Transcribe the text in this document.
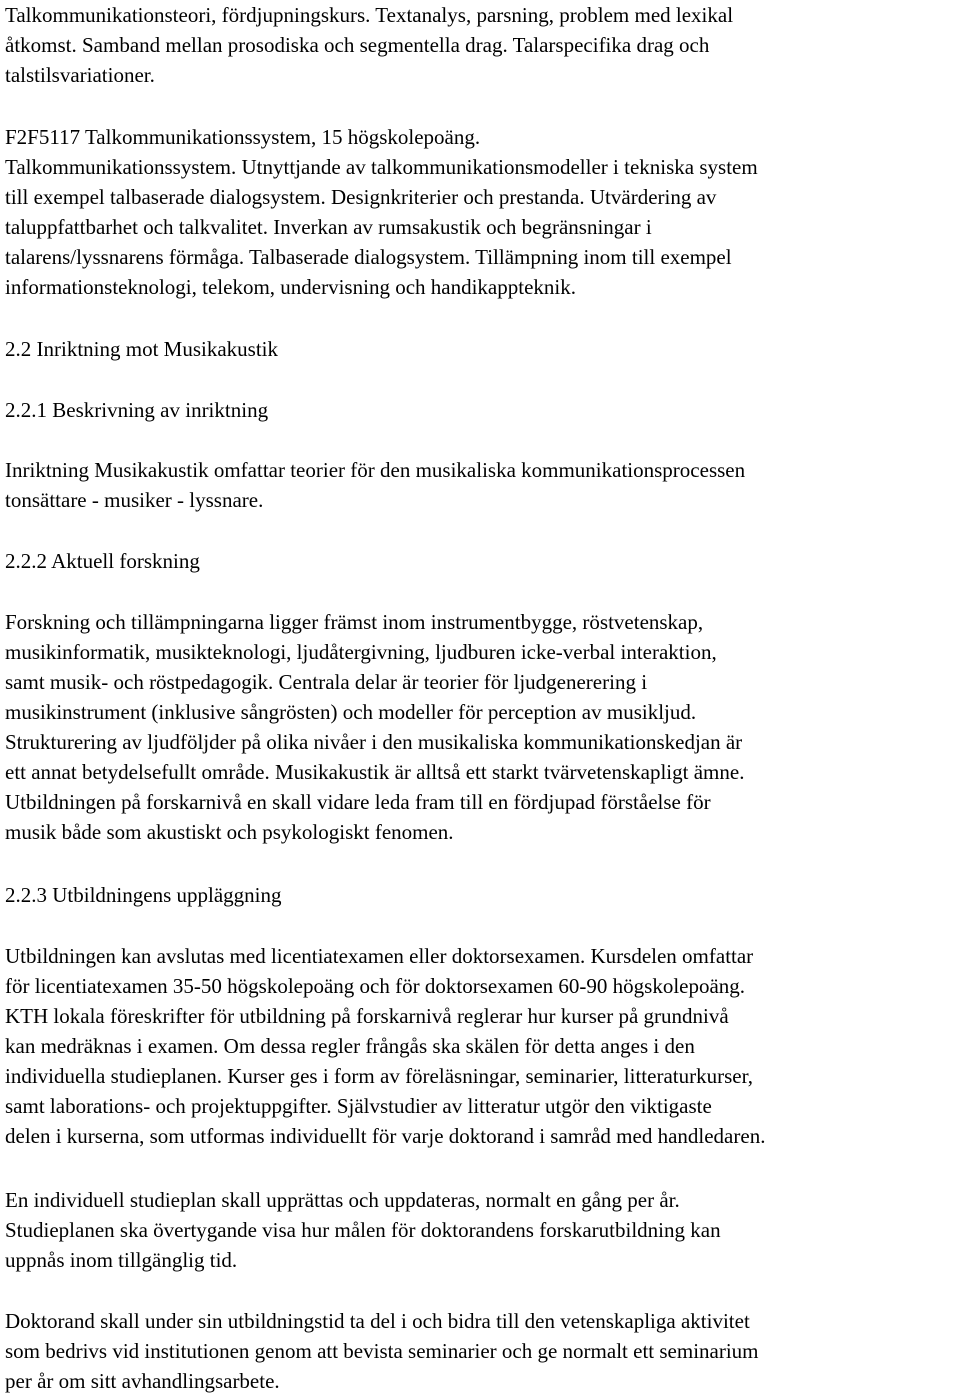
Talkommunikationsteori, fördjupningskurs. Textanalys, parsning, problem med lexikal
åtkomst. Samband mellan prosodiska och segmentella drag. Talarspecifika drag och
talstilsvariationer.
F2F5117 Talkommunikationssystem, 15 högskolepoäng.
Talkommunikationssystem. Utnyttjande av talkommunikationsmodeller i tekniska system
till exempel talbaserade dialogsystem. Designkriterier och prestanda. Utvärdering av
taluppfattbarhet och talkvalitet. Inverkan av rumsakustik och begränsningar i
talarens/lyssnarens förmåga. Talbaserade dialogsystem. Tillämpning inom till exempel
informationsteknologi, telekom, undervisning och handikappteknik.
2.2 Inriktning mot Musikakustik
2.2.1 Beskrivning av inriktning
Inriktning Musikakustik omfattar teorier för den musikaliska kommunikationsprocessen
tonsättare - musiker - lyssnare.
2.2.2 Aktuell forskning
Forskning och tillämpningarna ligger främst inom instrumentbygge, röstvetenskap,
musikinformatik, musikteknologi, ljudåtergivning, ljudburen icke-verbal interaktion,
samt musik- och röstpedagogik. Centrala delar är teorier för ljudgenerering i
musikinstrument (inklusive sångrösten) och modeller för perception av musikljud.
Strukturering av ljudföljder på olika nivåer i den musikaliska kommunikationskedjan är
ett annat betydelsefullt område. Musikakustik är alltså ett starkt tvärvetenskapligt ämne.
Utbildningen på forskarnivå en skall vidare leda fram till en fördjupad förståelse för
musik både som akustiskt och psykologiskt fenomen.
2.2.3 Utbildningens uppläggning
Utbildningen kan avslutas med licentiatexamen eller doktorsexamen. Kursdelen omfattar
för licentiatexamen 35-50 högskolepoäng och för doktorsexamen 60-90 högskolepoäng.
KTH lokala föreskrifter för utbildning på forskarnivå reglerar hur kurser på grundnivå
kan medräknas i examen. Om dessa regler frångås ska skälen för detta anges i den
individuella studieplanen. Kurser ges i form av föreläsningar, seminarier, litteraturkurser,
samt laborations- och projektuppgifter. Självstudier av litteratur utgör den viktigaste
delen i kurserna, som utformas individuellt för varje doktorand i samråd med handledaren.
En individuell studieplan skall upprättas och uppdateras, normalt en gång per år.
Studieplanen ska övertygande visa hur målen för doktorandens forskarutbildning kan
uppnås inom tillgänglig tid.
Doktorand skall under sin utbildningstid ta del i och bidra till den vetenskapliga aktivitet
som bedrivs vid institutionen genom att bevista seminarier och ge normalt ett seminarium
per år om sitt avhandlingsarbete.
